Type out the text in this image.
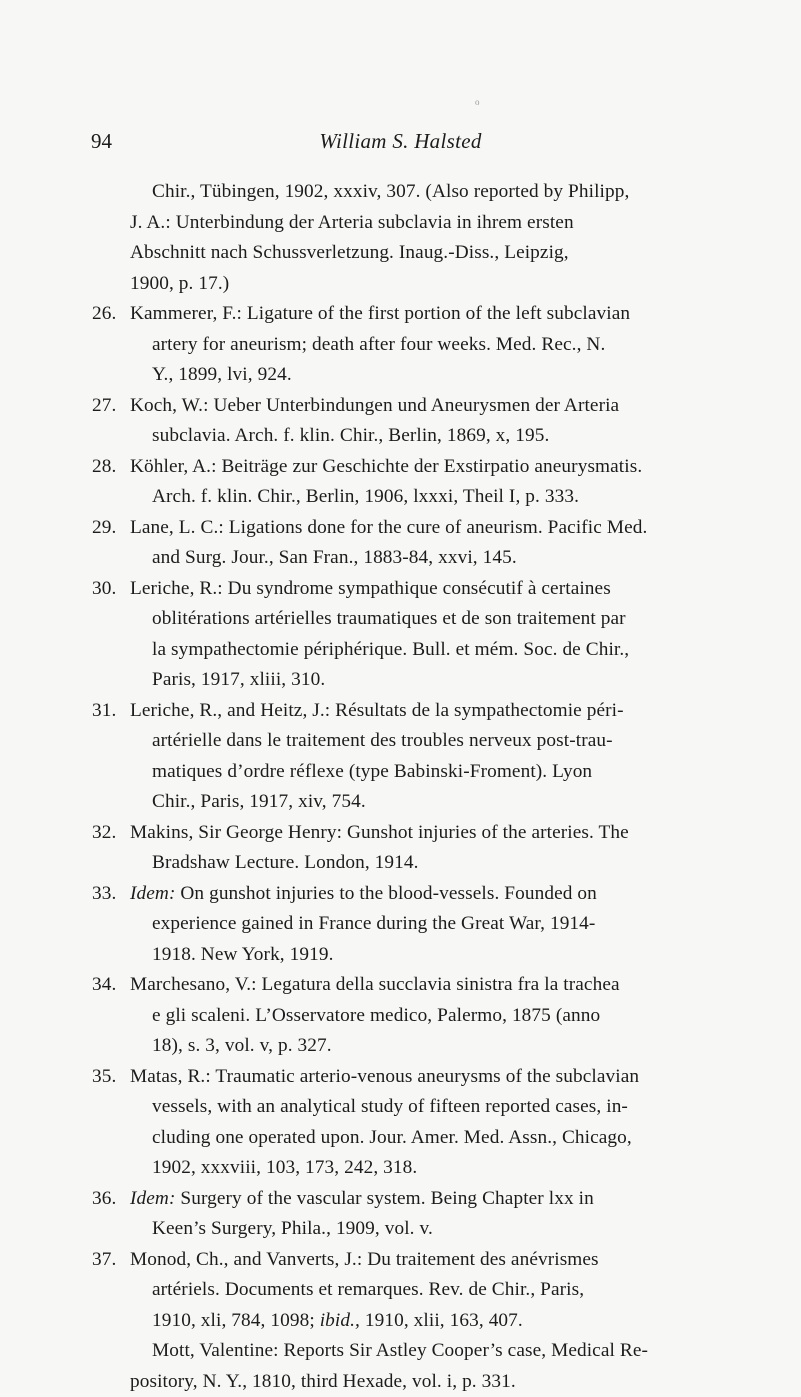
o
94	William S. Halsted
Chir., Tübingen, 1902, xxxiv, 307. (Also reported by Philipp,
J. A.: Unterbindung der Arteria subclavia in ihrem ersten
Abschnitt nach Schussverletzung. Inaug.-Diss., Leipzig,
1900, p. 17.)
26. Kammerer, F.: Ligature of the first portion of the left subclavian
artery for aneurism; death after four weeks. Med. Rec., N.
Y., 1899, lvi, 924.
27. Koch, W.: Ueber Unterbindungen und Aneurysmen der Arteria
subclavia. Arch. f. klin. Chir., Berlin, 1869, x, 195.
28. Köhler, A.: Beiträge zur Geschichte der Exstirpatio aneurysmatis.
Arch. f. klin. Chir., Berlin, 1906, lxxxi, Theil I, p. 333.
29. Lane, L. C.: Ligations done for the cure of aneurism. Pacific Med.
and Surg. Jour., San Fran., 1883-84, xxvi, 145.
30. Leriche, R.: Du syndrome sympathique consécutif à certaines
oblitérations artérielles traumatiques et de son traitement par
la sympathectomie périphérique. Bull. et mém. Soc. de Chir.,
Paris, 1917, xliii, 310.
31. Leriche, R., and Heitz, J.: Résultats de la sympathectomie péri-
artérielle dans le traitement des troubles nerveux post-trau-
matiques d’ordre réflexe (type Babinski-Froment). Lyon
Chir., Paris, 1917, xiv, 754.
32. Makins, Sir George Henry: Gunshot injuries of the arteries. The
Bradshaw Lecture. London, 1914.
33. Idem: On gunshot injuries to the blood-vessels. Founded on
experience gained in France during the Great War, 1914-
1918. New York, 1919.
34. Marchesano, V.: Legatura della succlavia sinistra fra la trachea
e gli scaleni. L’Osservatore medico, Palermo, 1875 (anno
18), s. 3, vol. v, p. 327.
35. Matas, R.: Traumatic arterio-venous aneurysms of the subclavian
vessels, with an analytical study of fifteen reported cases, in-
cluding one operated upon. Jour. Amer. Med. Assn., Chicago,
1902, xxxviii, 103, 173, 242, 318.
36. Idem: Surgery of the vascular system. Being Chapter lxx in
Keen’s Surgery, Phila., 1909, vol. v.
37. Monod, Ch., and Vanverts, J.: Du traitement des anévrismes
artériels. Documents et remarques. Rev. de Chir., Paris,
1910, xli, 784, 1098; ibid., 1910, xlii, 163, 407.
Mott, Valentine: Reports Sir Astley Cooper’s case, Medical Re-
pository, N. Y., 1810, third Hexade, vol. i, p. 331.
